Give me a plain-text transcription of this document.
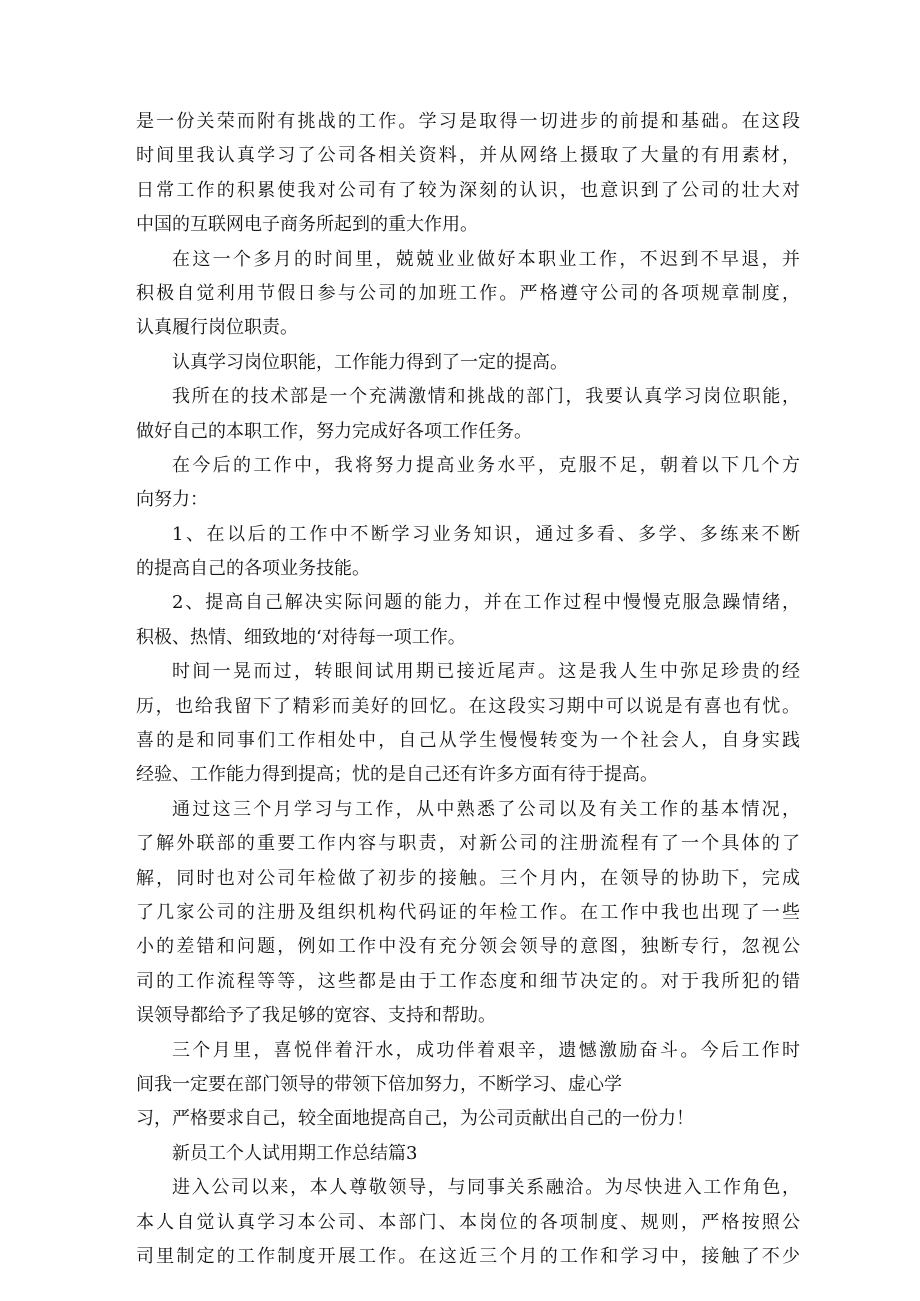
是一份关荣而附有挑战的工作。学习是取得一切进步的前提和基础。在这段
时间里我认真学习了公司各相关资料，并从网络上摄取了大量的有用素材，
日常工作的积累使我对公司有了较为深刻的认识，也意识到了公司的壮大对
中国的互联网电子商务所起到的重大作用。
在这一个多月的时间里，兢兢业业做好本职业工作，不迟到不早退，并
积极自觉利用节假日参与公司的加班工作。严格遵守公司的各项规章制度，
认真履行岗位职责。
认真学习岗位职能，工作能力得到了一定的提高。
我所在的技术部是一个充满激情和挑战的部门，我要认真学习岗位职能，
做好自己的本职工作，努力完成好各项工作任务。
在今后的工作中，我将努力提高业务水平，克服不足，朝着以下几个方
向努力：
1、在以后的工作中不断学习业务知识，通过多看、多学、多练来不断
的提高自己的各项业务技能。
2、提高自己解决实际问题的能力，并在工作过程中慢慢克服急躁情绪，
积极、热情、细致地的‘对待每一项工作。
时间一晃而过，转眼间试用期已接近尾声。这是我人生中弥足珍贵的经
历，也给我留下了精彩而美好的回忆。在这段实习期中可以说是有喜也有忧。
喜的是和同事们工作相处中，自己从学生慢慢转变为一个社会人，自身实践
经验、工作能力得到提高；忧的是自己还有许多方面有待于提高。
通过这三个月学习与工作，从中熟悉了公司以及有关工作的基本情况，
了解外联部的重要工作内容与职责，对新公司的注册流程有了一个具体的了
解，同时也对公司年检做了初步的接触。三个月内，在领导的协助下，完成
了几家公司的注册及组织机构代码证的年检工作。在工作中我也出现了一些
小的差错和问题，例如工作中没有充分领会领导的意图，独断专行，忽视公
司的工作流程等等，这些都是由于工作态度和细节决定的。对于我所犯的错
误领导都给予了我足够的宽容、支持和帮助。
三个月里，喜悦伴着汗水，成功伴着艰辛，遗憾激励奋斗。今后工作时
间我一定要在部门领导的带领下倍加努力，不断学习、虚心学
习，严格要求自己，较全面地提高自己，为公司贡献出自己的一份力！
新员工个人试用期工作总结篇3
进入公司以来，本人尊敬领导，与同事关系融洽。为尽快进入工作角色，
本人自觉认真学习本公司、本部门、本岗位的各项制度、规则，严格按照公
司里制定的工作制度开展工作。在这近三个月的工作和学习中，接触了不少
